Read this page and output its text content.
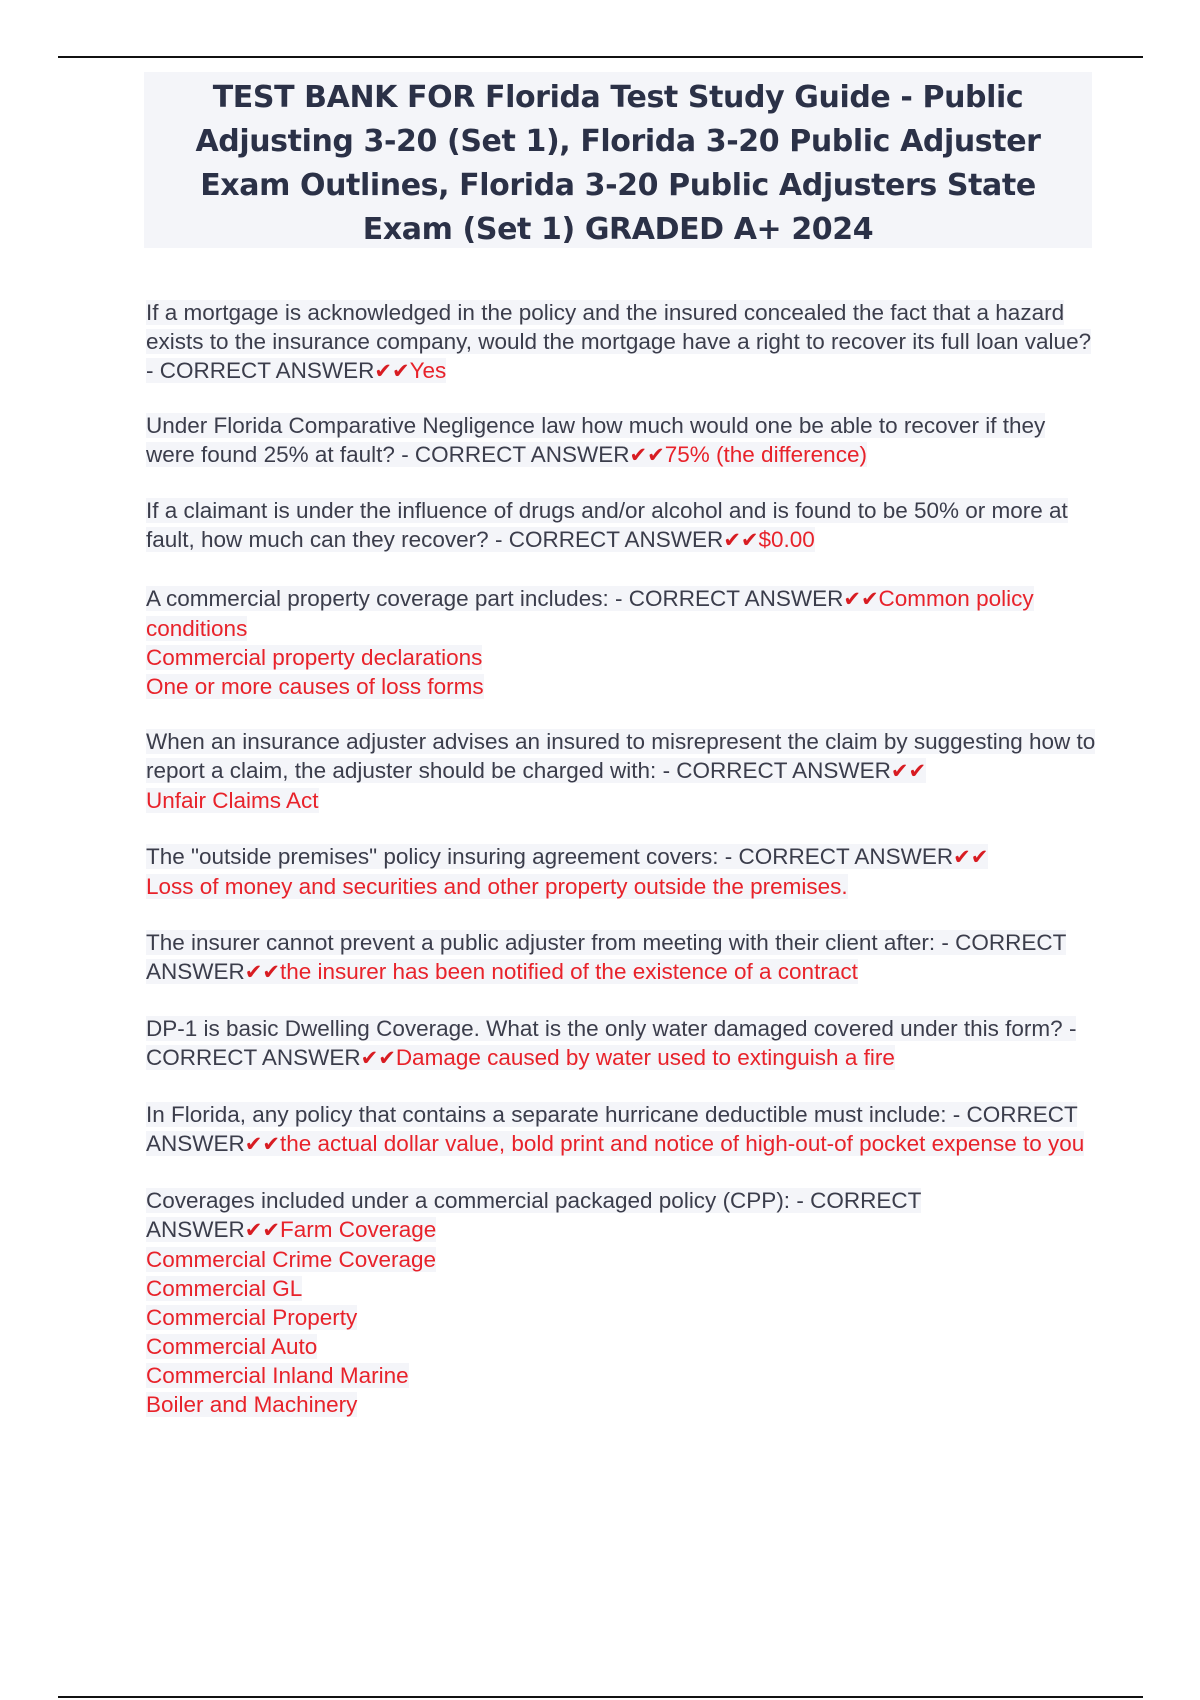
TEST BANK FOR Florida Test Study Guide - Public Adjusting 3-20 (Set 1), Florida 3-20 Public Adjuster Exam Outlines, Florida 3-20 Public Adjusters State Exam (Set 1) GRADED A+ 2024

If a mortgage is acknowledged in the policy and the insured concealed the fact that a hazard exists to the insurance company, would the mortgage have a right to recover its full loan value? - CORRECT ANSWER✔✔Yes

Under Florida Comparative Negligence law how much would one be able to recover if they were found 25% at fault? - CORRECT ANSWER✔✔75% (the difference)

If a claimant is under the influence of drugs and/or alcohol and is found to be 50% or more at fault, how much can they recover? - CORRECT ANSWER✔✔$0.00

A commercial property coverage part includes: - CORRECT ANSWER✔✔Common policy conditions
Commercial property declarations
One or more causes of loss forms

When an insurance adjuster advises an insured to misrepresent the claim by suggesting how to report a claim, the adjuster should be charged with: - CORRECT ANSWER✔✔
Unfair Claims Act

The "outside premises" policy insuring agreement covers: - CORRECT ANSWER✔✔
Loss of money and securities and other property outside the premises.

The insurer cannot prevent a public adjuster from meeting with their client after: - CORRECT ANSWER✔✔the insurer has been notified of the existence of a contract

DP-1 is basic Dwelling Coverage. What is the only water damaged covered under this form? - CORRECT ANSWER✔✔Damage caused by water used to extinguish a fire

In Florida, any policy that contains a separate hurricane deductible must include: - CORRECT ANSWER✔✔the actual dollar value, bold print and notice of high-out-of pocket expense to you

Coverages included under a commercial packaged policy (CPP): - CORRECT ANSWER✔✔Farm Coverage
Commercial Crime Coverage
Commercial GL
Commercial Property
Commercial Auto
Commercial Inland Marine
Boiler and Machinery
